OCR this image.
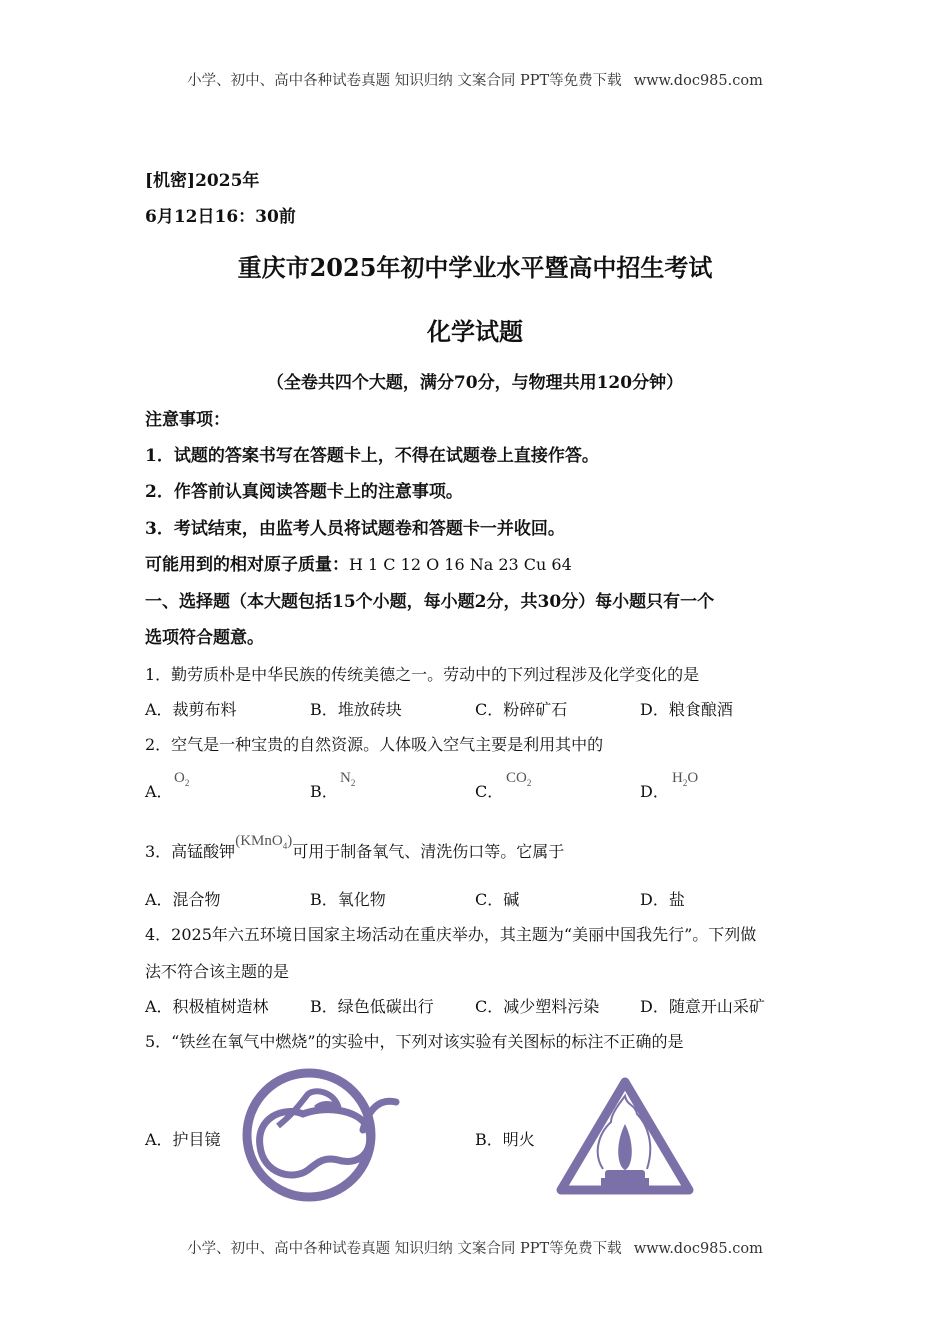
小学、初中、高中各种试卷真题 知识归纳 文案合同 PPT等免费下载 www.doc985.com
[机密]2025年
6月12日16：30前
重庆市2025年初中学业水平暨高中招生考试
化学试题
（全卷共四个大题，满分70分，与物理共用120分钟）
注意事项：
1．试题的答案书写在答题卡上，不得在试题卷上直接作答。
2．作答前认真阅读答题卡上的注意事项。
3．考试结束，由监考人员将试题卷和答题卡一并收回。
可能用到的相对原子质量：H 1 C 12 O 16 Na 23 Cu 64
一、选择题（本大题包括15个小题，每小题2分，共30分）每小题只有一个
选项符合题意。
1．勤劳质朴是中华民族的传统美德之一。劳动中的下列过程涉及化学变化的是
A．裁剪布料	B．堆放砖块	C．粉碎矿石	D．粮食酿酒
2．空气是一种宝贵的自然资源。人体吸入空气主要是利用其中的
A．
$O_2$	B．
$N_2$	C．
$CO_2$	D．
$H_2O$
3．高锰酸钾(KMnO$_4$)可用于制备氧气、清洗伤口等。它属于
A．混合物	B．氧化物	C．碱	D．盐
4．2025年六五环境日国家主场活动在重庆举办，其主题为“美丽中国我先行”。下列做
法不符合该主题的是
A．积极植树造林	B．绿色低碳出行	C．减少塑料污染	D．随意开山采矿
5．“铁丝在氧气中燃烧”的实验中，下列对该实验有关图标的标注不正确的是
A．护目镜	B．明火
小学、初中、高中各种试卷真题 知识归纳 文案合同 PPT等免费下载 www.doc985.com
